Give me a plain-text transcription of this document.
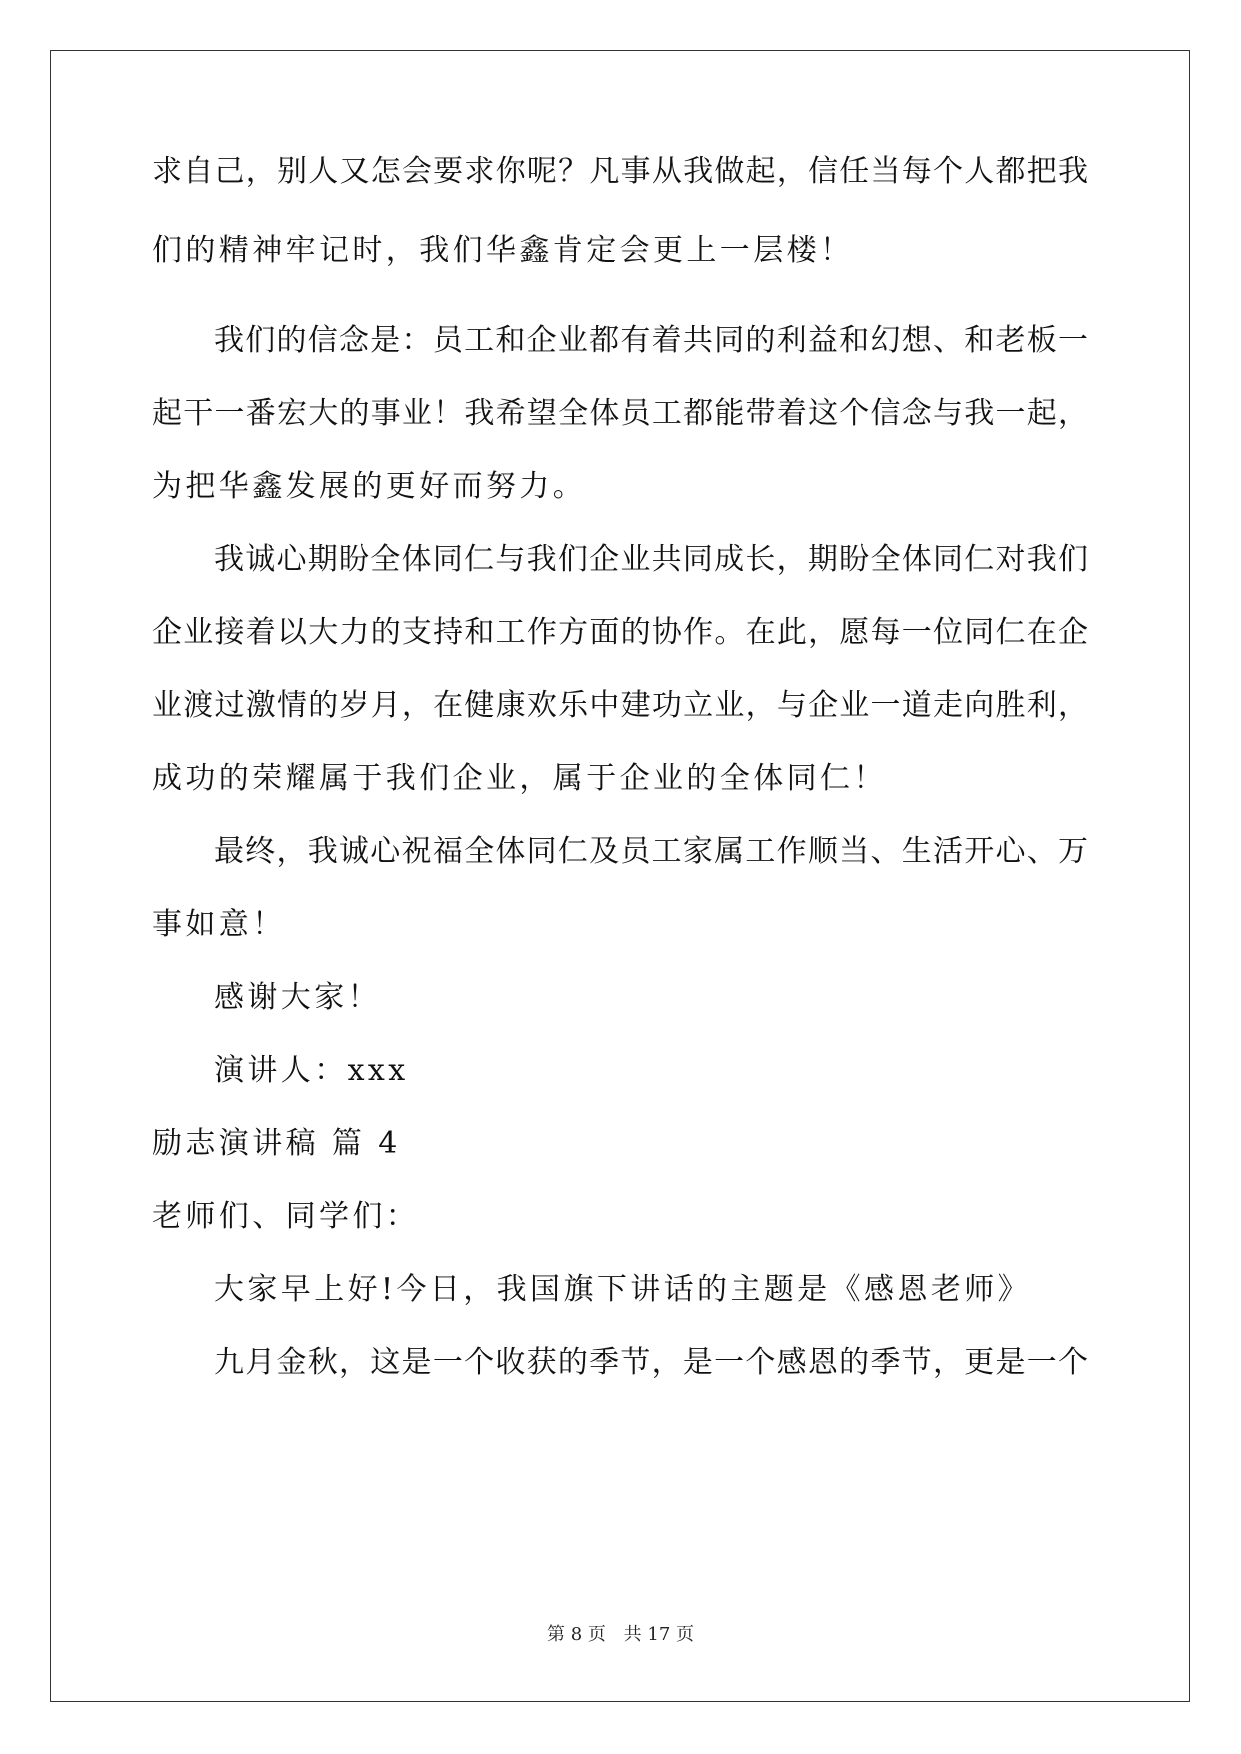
求自己，别人又怎会要求你呢？凡事从我做起，信任当每个人都把我
们的精神牢记时，我们华鑫肯定会更上一层楼！
我们的信念是：员工和企业都有着共同的利益和幻想、和老板一
起干一番宏大的事业！我希望全体员工都能带着这个信念与我一起，
为把华鑫发展的更好而努力。
我诚心期盼全体同仁与我们企业共同成长，期盼全体同仁对我们
企业接着以大力的支持和工作方面的协作。在此，愿每一位同仁在企
业渡过激情的岁月，在健康欢乐中建功立业，与企业一道走向胜利，
成功的荣耀属于我们企业，属于企业的全体同仁！
最终，我诚心祝福全体同仁及员工家属工作顺当、生活开心、万
事如意！
感谢大家！
演讲人：xxx
励志演讲稿 篇 4
老师们、同学们：
大家早上好!今日，我国旗下讲话的主题是《感恩老师》
九月金秋，这是一个收获的季节，是一个感恩的季节，更是一个
第 8 页 共 17 页
